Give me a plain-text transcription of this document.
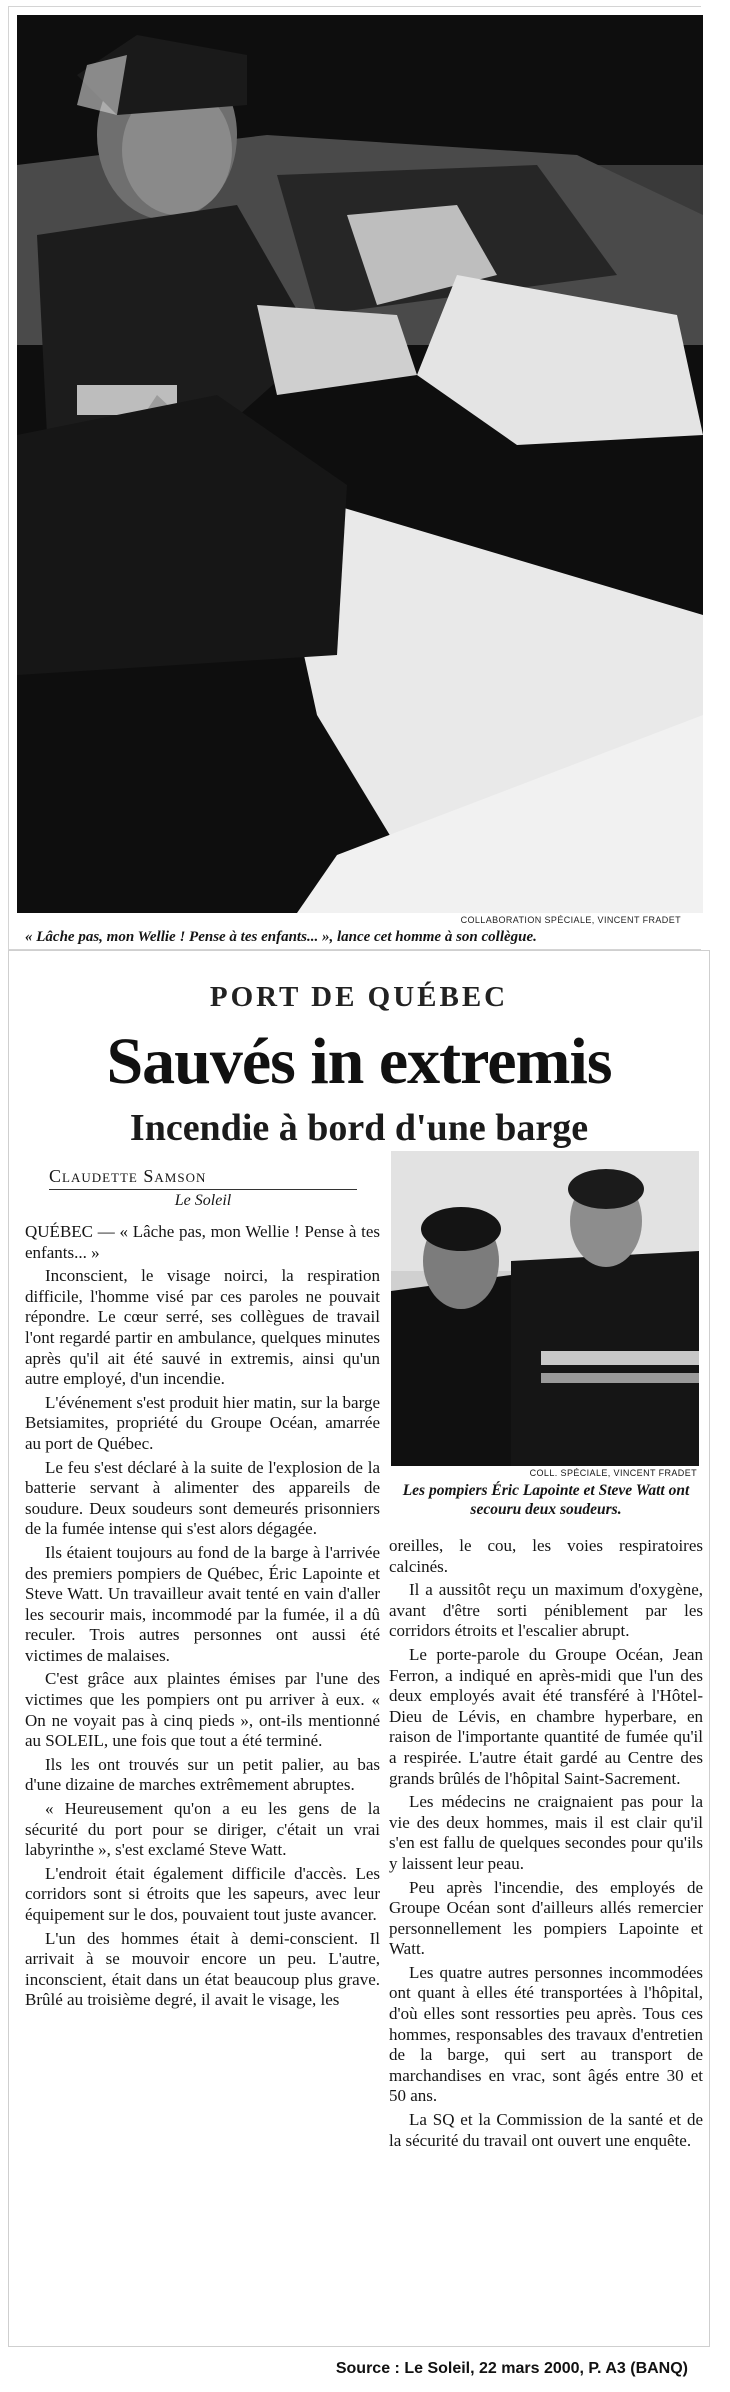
COLLABORATION SPÉCIALE, VINCENT FRADET
« Lâche pas, mon Wellie ! Pense à tes enfants... », lance cet homme à son collègue.
PORT DE QUÉBEC
Sauvés in extremis
Incendie à bord d'une barge
Claudette Samson
Le Soleil

QUÉBEC — « Lâche pas, mon Wellie ! Pense à tes enfants... »

Inconscient, le visage noirci, la respiration difficile, l'homme visé par ces paroles ne pouvait répondre. Le cœur serré, ses collègues de travail l'ont regardé partir en ambulance, quelques minutes après qu'il ait été sauvé in extremis, ainsi qu'un autre employé, d'un incendie.

L'événement s'est produit hier matin, sur la barge Betsiamites, propriété du Groupe Océan, amarrée au port de Québec.

Le feu s'est déclaré à la suite de l'explosion de la batterie servant à alimenter des appareils de soudure. Deux soudeurs sont demeurés prisonniers de la fumée intense qui s'est alors dégagée.

Ils étaient toujours au fond de la barge à l'arrivée des premiers pompiers de Québec, Éric Lapointe et Steve Watt. Un travailleur avait tenté en vain d'aller les secourir mais, incommodé par la fumée, il a dû reculer. Trois autres personnes ont aussi été victimes de malaises.

C'est grâce aux plaintes émises par l'une des victimes que les pompiers ont pu arriver à eux. « On ne voyait pas à cinq pieds », ont-ils mentionné au SOLEIL, une fois que tout a été terminé.

Ils les ont trouvés sur un petit palier, au bas d'une dizaine de marches extrêmement abruptes.

« Heureusement qu'on a eu les gens de la sécurité du port pour se diriger, c'était un vrai labyrinthe », s'est exclamé Steve Watt.

L'endroit était également difficile d'accès. Les corridors sont si étroits que les sapeurs, avec leur équipement sur le dos, pouvaient tout juste avancer.

L'un des hommes était à demi-conscient. Il arrivait à se mouvoir encore un peu. L'autre, inconscient, était dans un état beaucoup plus grave. Brûlé au troisième degré, il avait le visage, les

COLL. SPÉCIALE, VINCENT FRADET
Les pompiers Éric Lapointe et Steve Watt ont secouru deux soudeurs.

oreilles, le cou, les voies respiratoires calcinés.

Il a aussitôt reçu un maximum d'oxygène, avant d'être sorti péniblement par les corridors étroits et l'escalier abrupt.

Le porte-parole du Groupe Océan, Jean Ferron, a indiqué en après-midi que l'un des deux employés avait été transféré à l'Hôtel-Dieu de Lévis, en chambre hyperbare, en raison de l'importante quantité de fumée qu'il a respirée. L'autre était gardé au Centre des grands brûlés de l'hôpital Saint-Sacrement.

Les médecins ne craignaient pas pour la vie des deux hommes, mais il est clair qu'il s'en est fallu de quelques secondes pour qu'ils y laissent leur peau.

Peu après l'incendie, des employés de Groupe Océan sont d'ailleurs allés remercier personnellement les pompiers Lapointe et Watt.

Les quatre autres personnes incommodées ont quant à elles été transportées à l'hôpital, d'où elles sont ressorties peu après. Tous ces hommes, responsables des travaux d'entretien de la barge, qui sert au transport de marchandises en vrac, sont âgés entre 30 et 50 ans.

La SQ et la Commission de la santé et de la sécurité du travail ont ouvert une enquête.

Source : Le Soleil, 22 mars 2000, P. A3 (BANQ)
